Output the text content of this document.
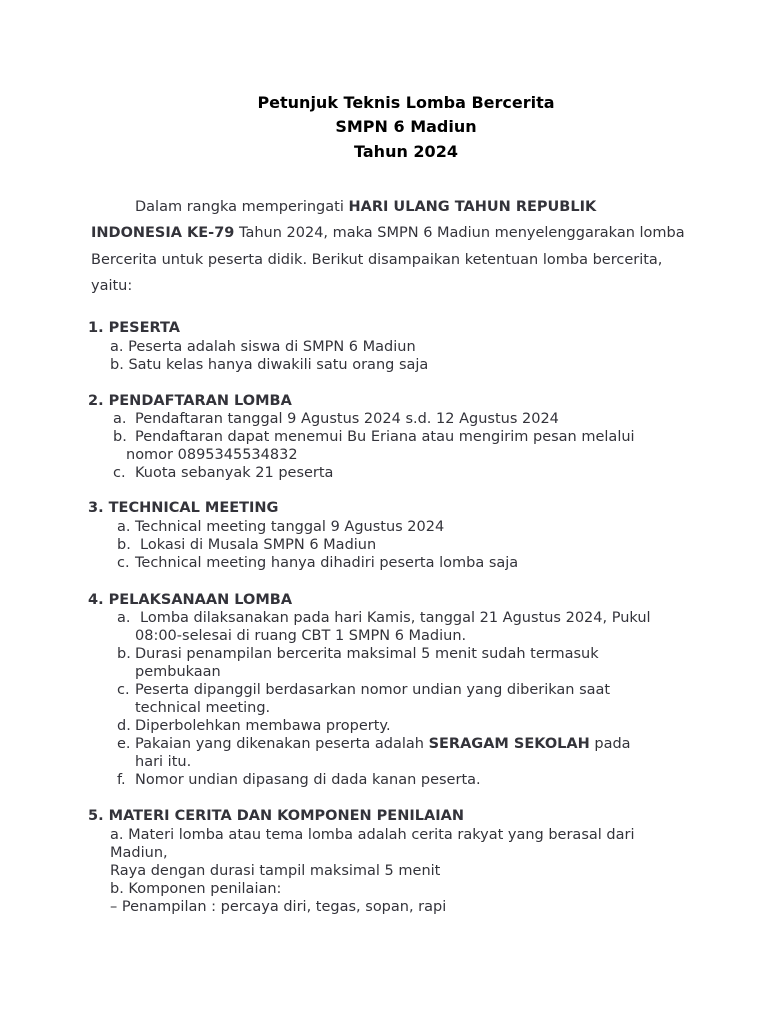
Petunjuk Teknis Lomba Bercerita
SMPN 6 Madiun
Tahun 2024
Dalam rangka memperingati HARI ULANG TAHUN REPUBLIK INDONESIA KE-79 Tahun 2024, maka SMPN 6 Madiun menyelenggarakan lomba Bercerita untuk peserta didik. Berikut disampaikan ketentuan lomba bercerita, yaitu:
1. PESERTA
a. Peserta adalah siswa di SMPN 6 Madiun
b. Satu kelas hanya diwakili satu orang saja
2. PENDAFTARAN LOMBA
a. Pendaftaran tanggal 9 Agustus 2024 s.d. 12 Agustus 2024
b. Pendaftaran dapat menemui Bu Eriana atau mengirim pesan melalui
nomor 0895345534832
c. Kuota sebanyak 21 peserta
3. TECHNICAL MEETING
a. Technical meeting tanggal 9 Agustus 2024
b. Lokasi di Musala SMPN 6 Madiun
c. Technical meeting hanya dihadiri peserta lomba saja
4. PELAKSANAAN LOMBA
a. Lomba dilaksanakan pada hari Kamis, tanggal 21 Agustus 2024, Pukul
08:00-selesai di ruang CBT 1 SMPN 6 Madiun.
b. Durasi penampilan bercerita maksimal 5 menit sudah termasuk
pembukaan
c. Peserta dipanggil berdasarkan nomor undian yang diberikan saat
technical meeting.
d. Diperbolehkan membawa property.
e. Pakaian yang dikenakan peserta adalah SERAGAM SEKOLAH pada
hari itu.
f. Nomor undian dipasang di dada kanan peserta.
5. MATERI CERITA DAN KOMPONEN PENILAIAN
a. Materi lomba atau tema lomba adalah cerita rakyat yang berasal dari
Madiun,
Raya dengan durasi tampil maksimal 5 menit
b. Komponen penilaian:
– Penampilan : percaya diri, tegas, sopan, rapi
